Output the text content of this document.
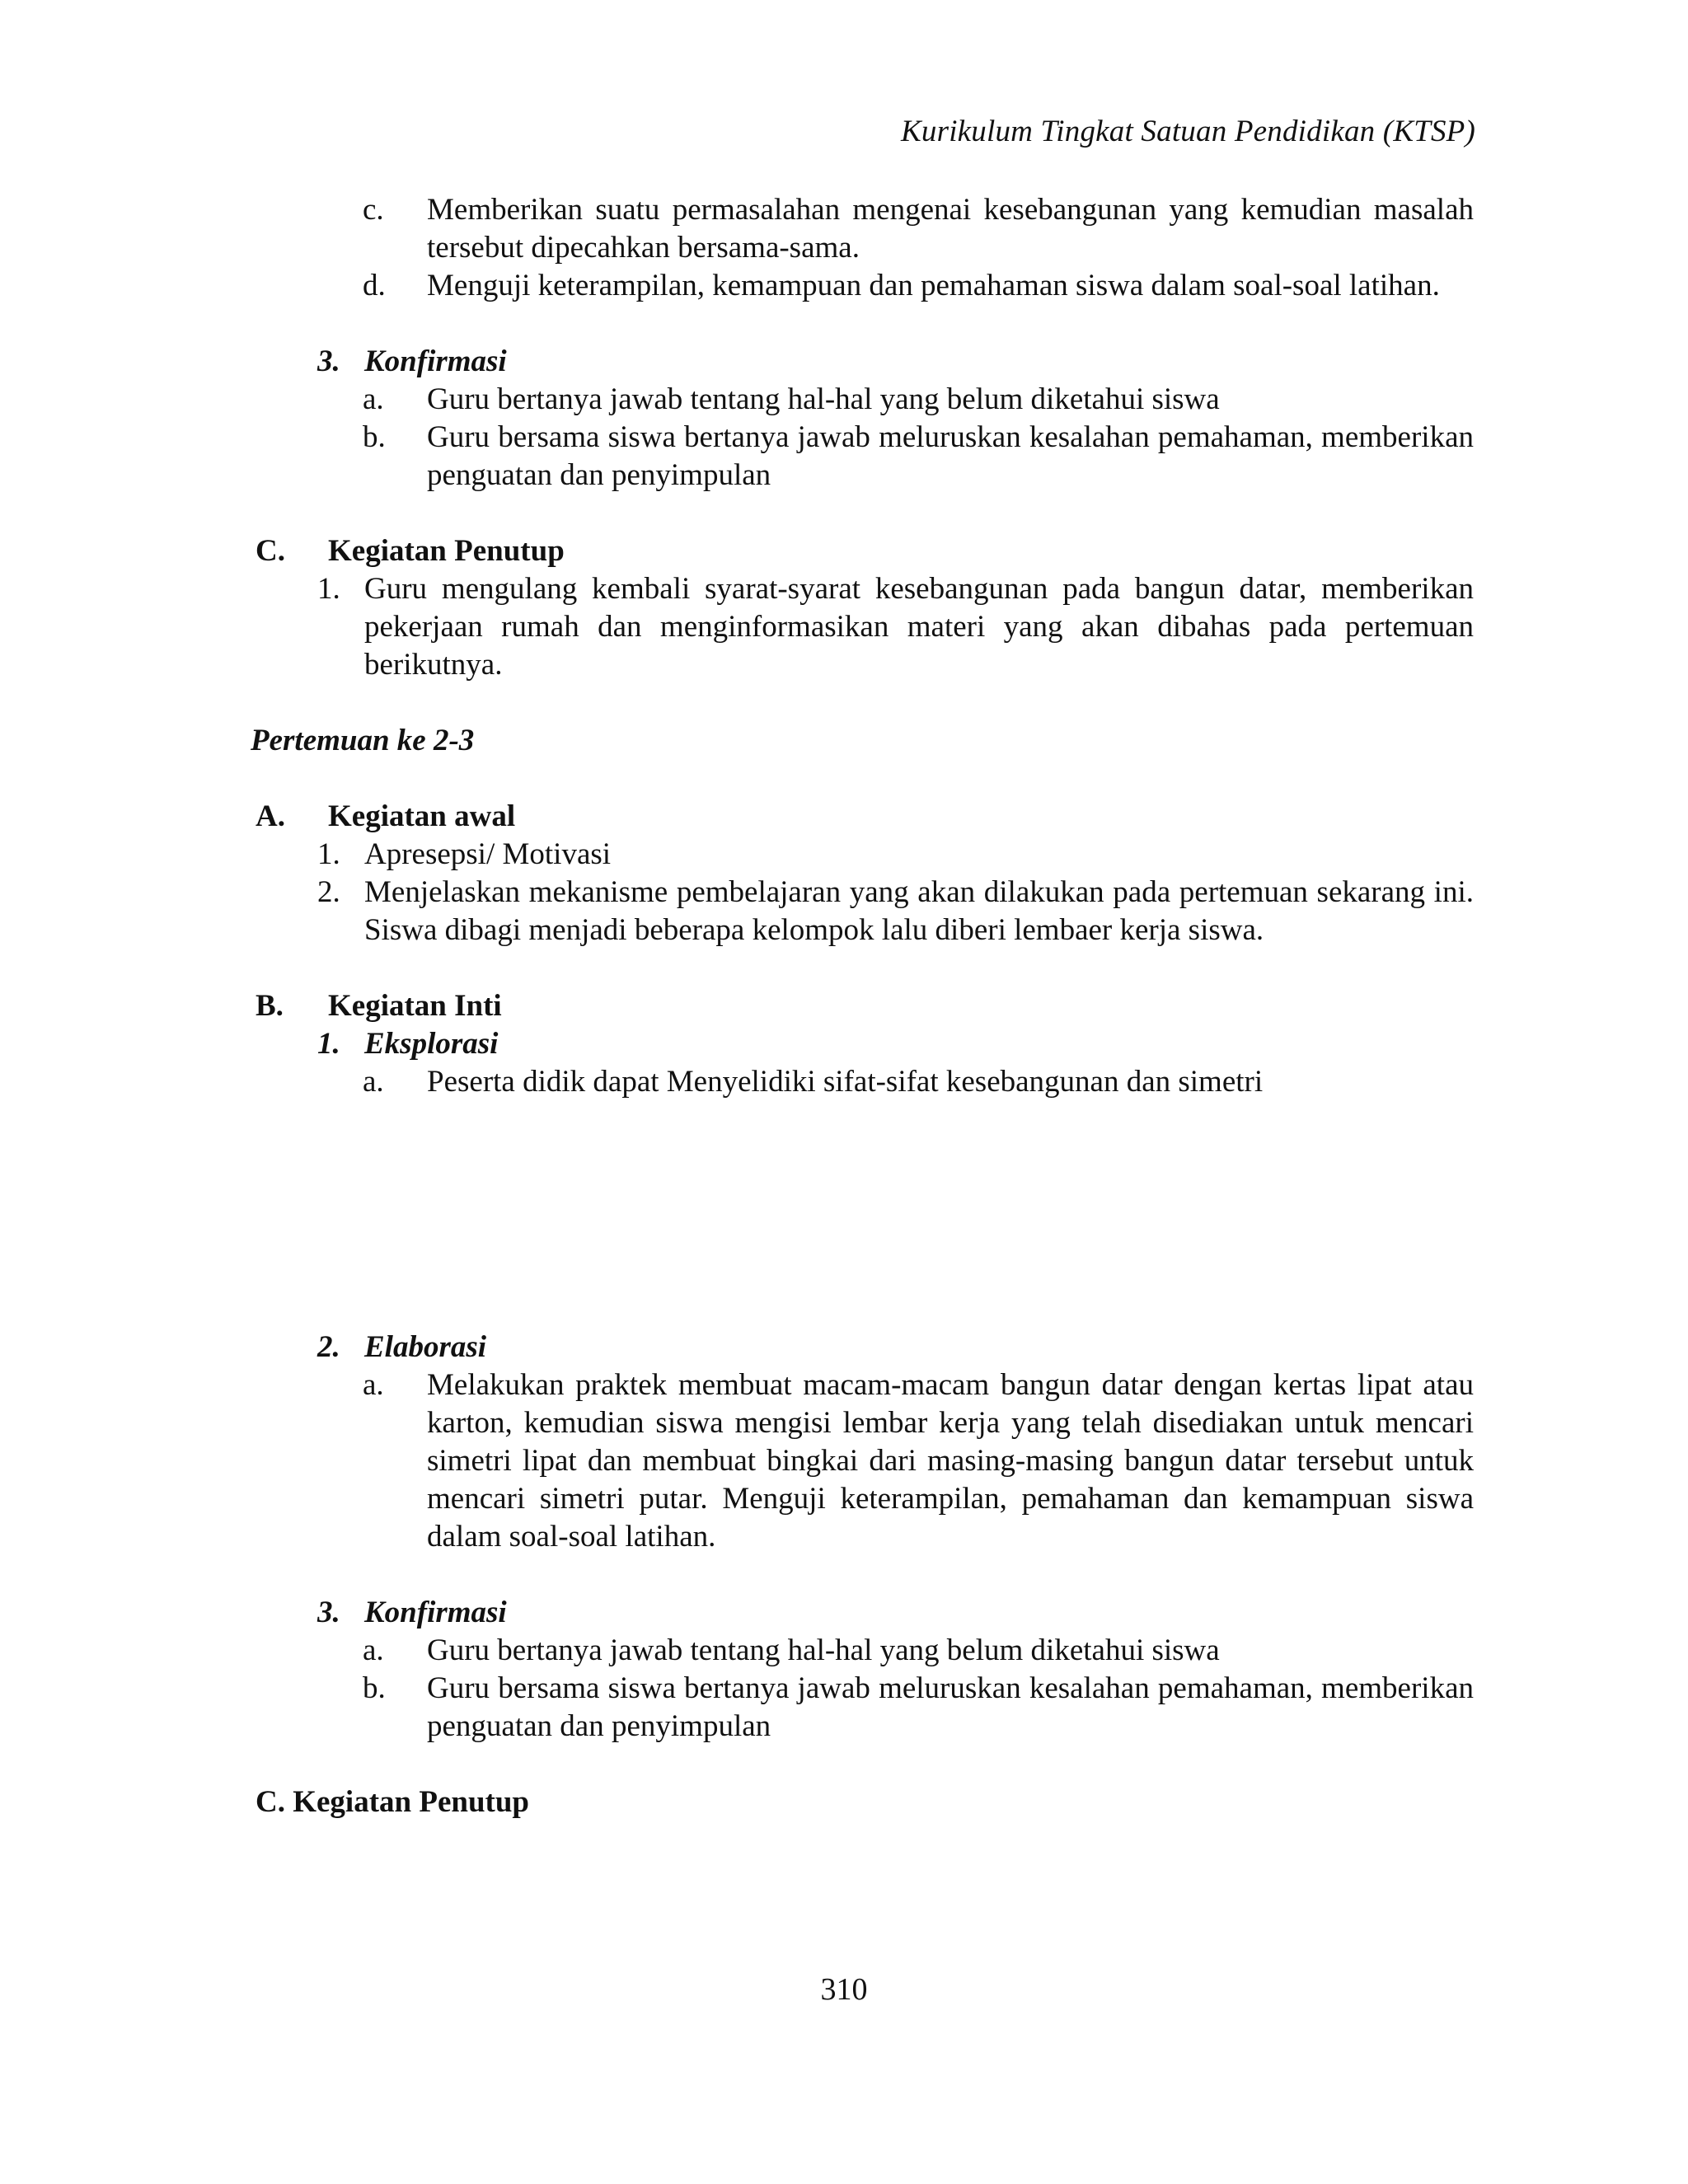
Kurikulum Tingkat Satuan Pendidikan (KTSP)
c. Memberikan suatu permasalahan mengenai kesebangunan yang kemudian masalah tersebut dipecahkan bersama-sama.
d. Menguji keterampilan, kemampuan dan pemahaman siswa dalam soal-soal latihan.
3. Konfirmasi
a. Guru bertanya jawab tentang hal-hal yang belum diketahui siswa
b. Guru bersama siswa bertanya jawab meluruskan kesalahan pemahaman, memberikan penguatan dan penyimpulan
C. Kegiatan Penutup
1. Guru mengulang kembali syarat-syarat kesebangunan pada bangun datar, memberikan pekerjaan rumah dan menginformasikan materi yang akan dibahas pada pertemuan berikutnya.
Pertemuan ke 2-3
A. Kegiatan awal
1. Apresepsi/ Motivasi
2. Menjelaskan mekanisme pembelajaran yang akan dilakukan pada pertemuan sekarang ini. Siswa dibagi menjadi beberapa kelompok lalu diberi lembaer kerja siswa.
B. Kegiatan Inti
1. Eksplorasi
a. Peserta didik dapat Menyelidiki sifat-sifat kesebangunan dan simetri
2. Elaborasi
a. Melakukan praktek membuat macam-macam bangun datar dengan kertas lipat atau karton, kemudian siswa mengisi lembar kerja yang telah disediakan untuk mencari simetri lipat dan membuat bingkai dari masing-masing bangun datar tersebut untuk mencari simetri putar. Menguji keterampilan, pemahaman dan kemampuan siswa dalam soal-soal latihan.
3. Konfirmasi
a. Guru bertanya jawab tentang hal-hal yang belum diketahui siswa
b. Guru bersama siswa bertanya jawab meluruskan kesalahan pemahaman, memberikan penguatan dan penyimpulan
C. Kegiatan Penutup
310
